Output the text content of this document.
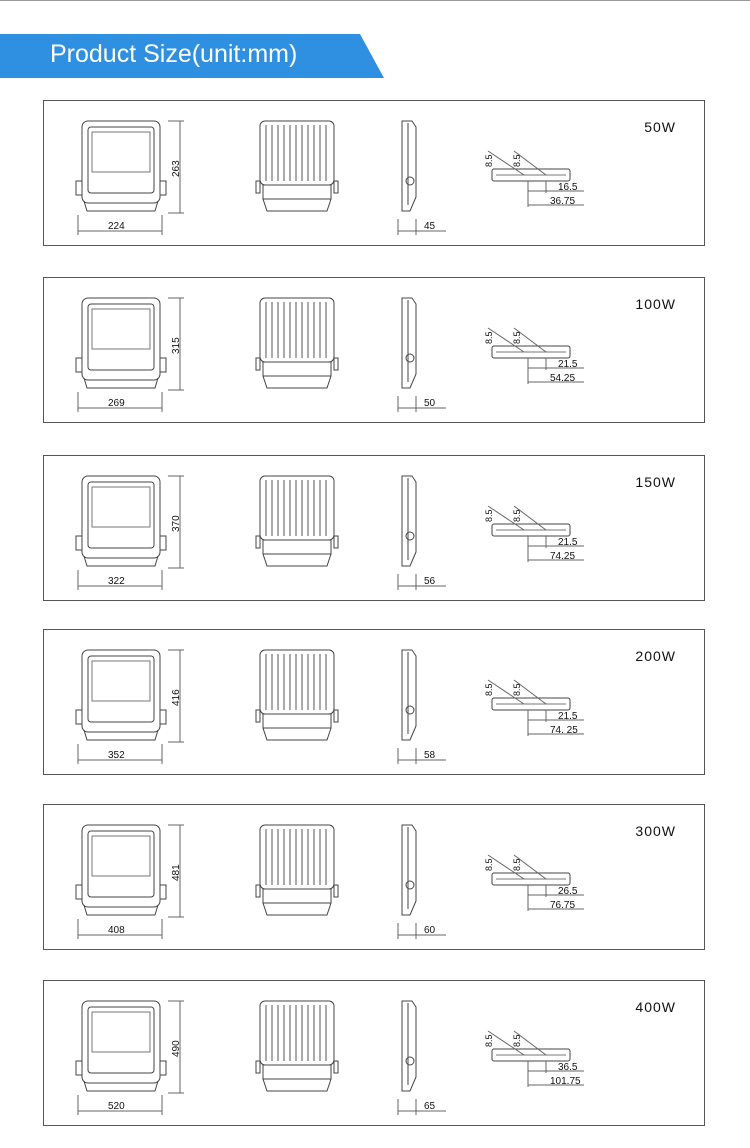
Product Size(unit:mm)
50W
263
224	45
8.5 8.5
16.5
36.75
100W
315
269	50
8.5 8.5
21.5
54.25
150W
370
322	56
8.5 8.5
21.5
74.25
200W
416
352	58
8.5 8.5
21.5
74. 25
300W
481
408	60
8.5 8.5
26.5
76.75
400W
490
520	65
8.5 8.5
36.5
101.75
